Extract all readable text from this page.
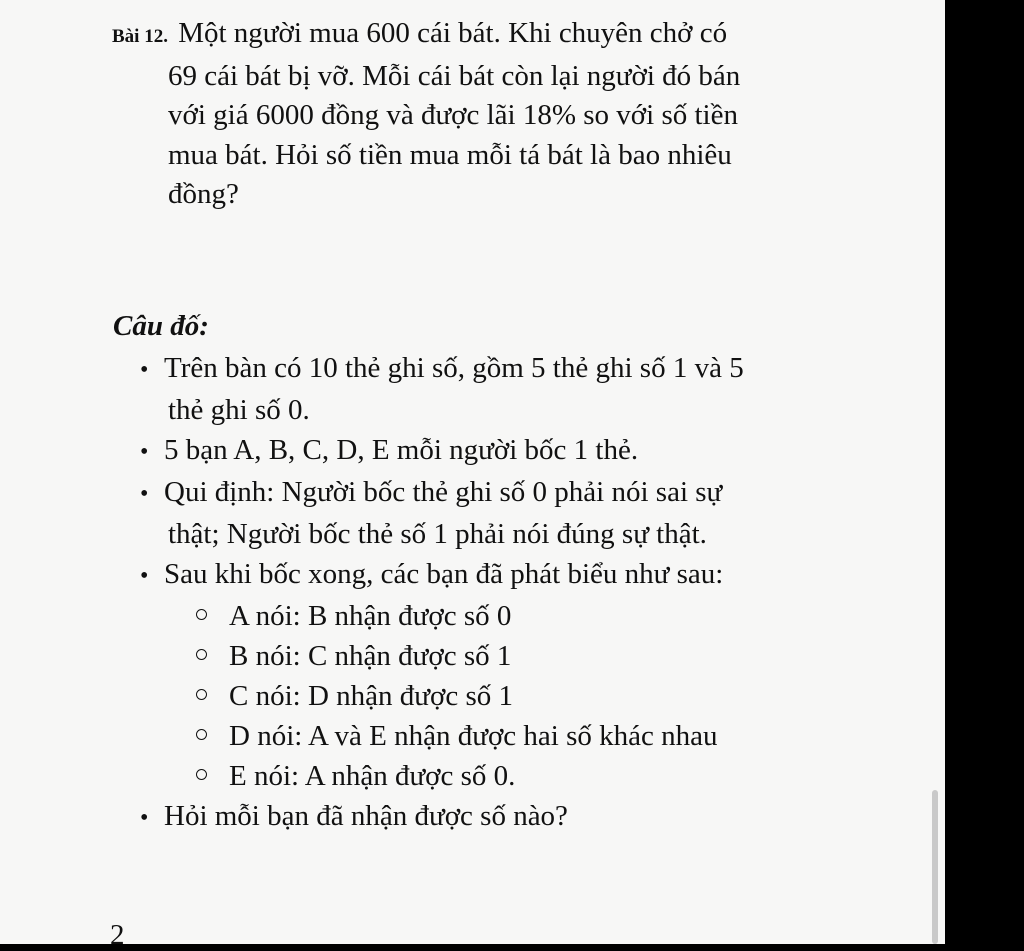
Bài 12. Một người mua 600 cái bát. Khi chuyên chở có
69 cái bát bị vỡ. Mỗi cái bát còn lại người đó bán
với giá 6000 đồng và được lãi 18% so với số tiền
mua bát. Hỏi số tiền mua mỗi tá bát là bao nhiêu
đồng?
Câu đố:
• Trên bàn có 10 thẻ ghi số, gồm 5 thẻ ghi số 1 và 5
thẻ ghi số 0.
• 5 bạn A, B, C, D, E mỗi người bốc 1 thẻ.
• Qui định: Người bốc thẻ ghi số 0 phải nói sai sự
thật; Người bốc thẻ số 1 phải nói đúng sự thật.
• Sau khi bốc xong, các bạn đã phát biểu như sau:
A nói: B nhận được số 0
B nói: C nhận được số 1
C nói: D nhận được số 1
D nói: A và E nhận được hai số khác nhau
E nói: A nhận được số 0.
• Hỏi mỗi bạn đã nhận được số nào?
2
